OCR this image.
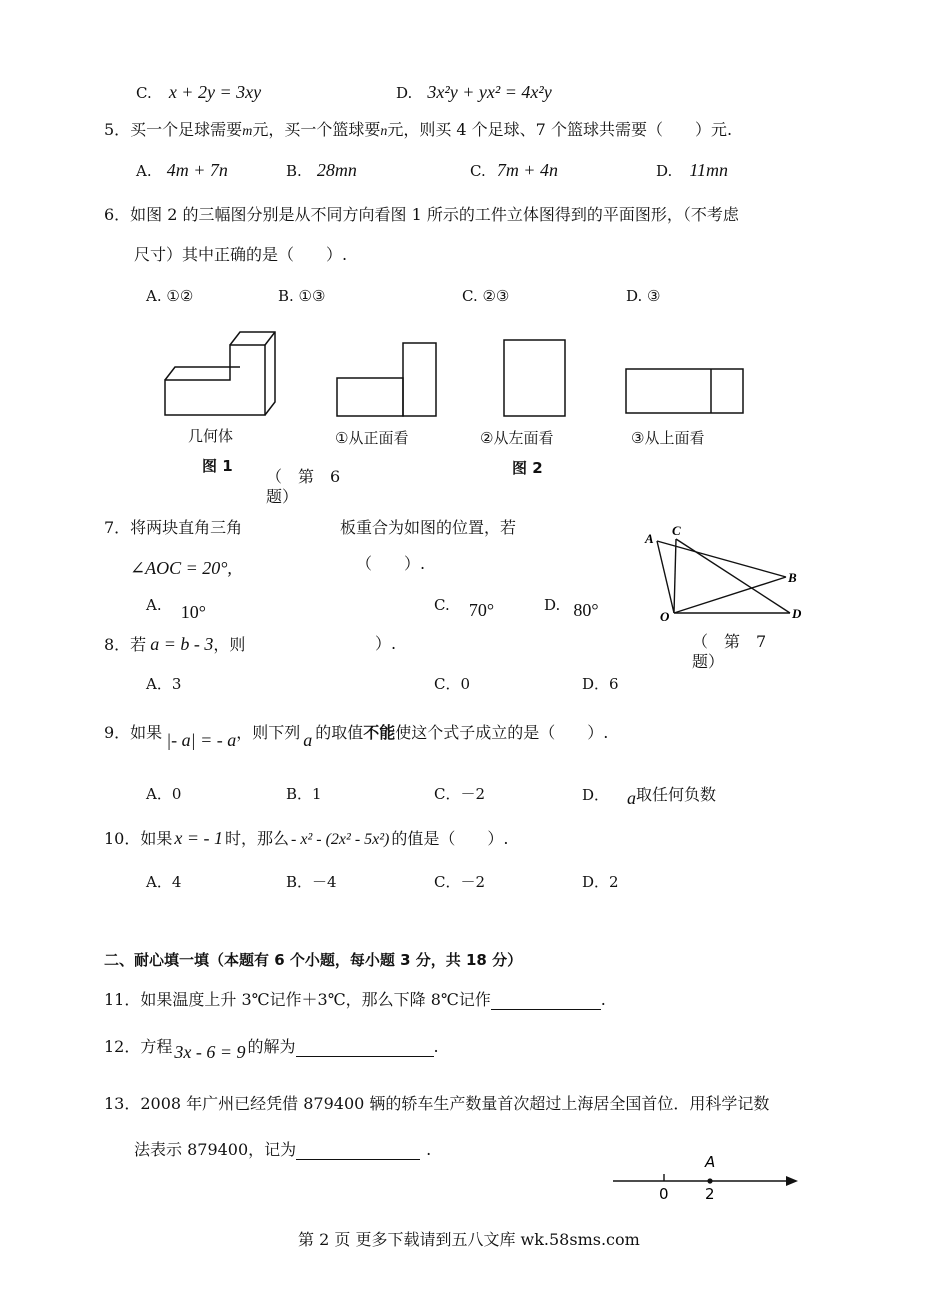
C. x + 2y = 3xy	D. 3x²y + yx² = 4x²y
5．买一个足球需要m元，买一个篮球要n元，则买 4 个足球、7 个篮球共需要（　　）元.
A. 4m + 7n	B. 28mn	C. 7m + 4n	D. 11mn
6．如图 2 的三幅图分别是从不同方向看图 1 所示的工件立体图得到的平面图形，（不考虑
尺寸）其中正确的是（　　）.
A. ①②	B. ①③	C. ②③	D. ③
几何体	①从正面看	②从左面看	③从上面看
图 1	图 2
（　第　6
题）
7．将两块直角三角	板重合为如图的位置，若
∠AOC = 20°,	（　　）.
A. 10°	C. 70°	D. 80°
A
C
B
O	D
（　第　7
题）
8．若 a = b - 3，则	）.
A．3	C．0	D．6
9．如果 |- a| = - a，则下列 a 的取值不能使这个式子成立的是（　　）.
A．0	B．1	C．－2	D． a取任何负数
10．如果 x = - 1 时，那么 - x² - (2x² - 5x²) 的值是（　　）.
A．4	B．－4	C．－2	D．2
二、耐心填一填（本题有 6 个小题，每小题 3 分，共 18 分）
11．如果温度上升 3℃记作＋3℃，那么下降 8℃记作	.
12．方程 3x - 6 = 9 的解为	.
13．2008 年广州已经凭借 879400 辆的轿车生产数量首次超过上海居全国首位．用科学记数
法表示 879400，记为	.
A
0 2
第 2 页 更多下载请到五八文库 wk.58sms.com
